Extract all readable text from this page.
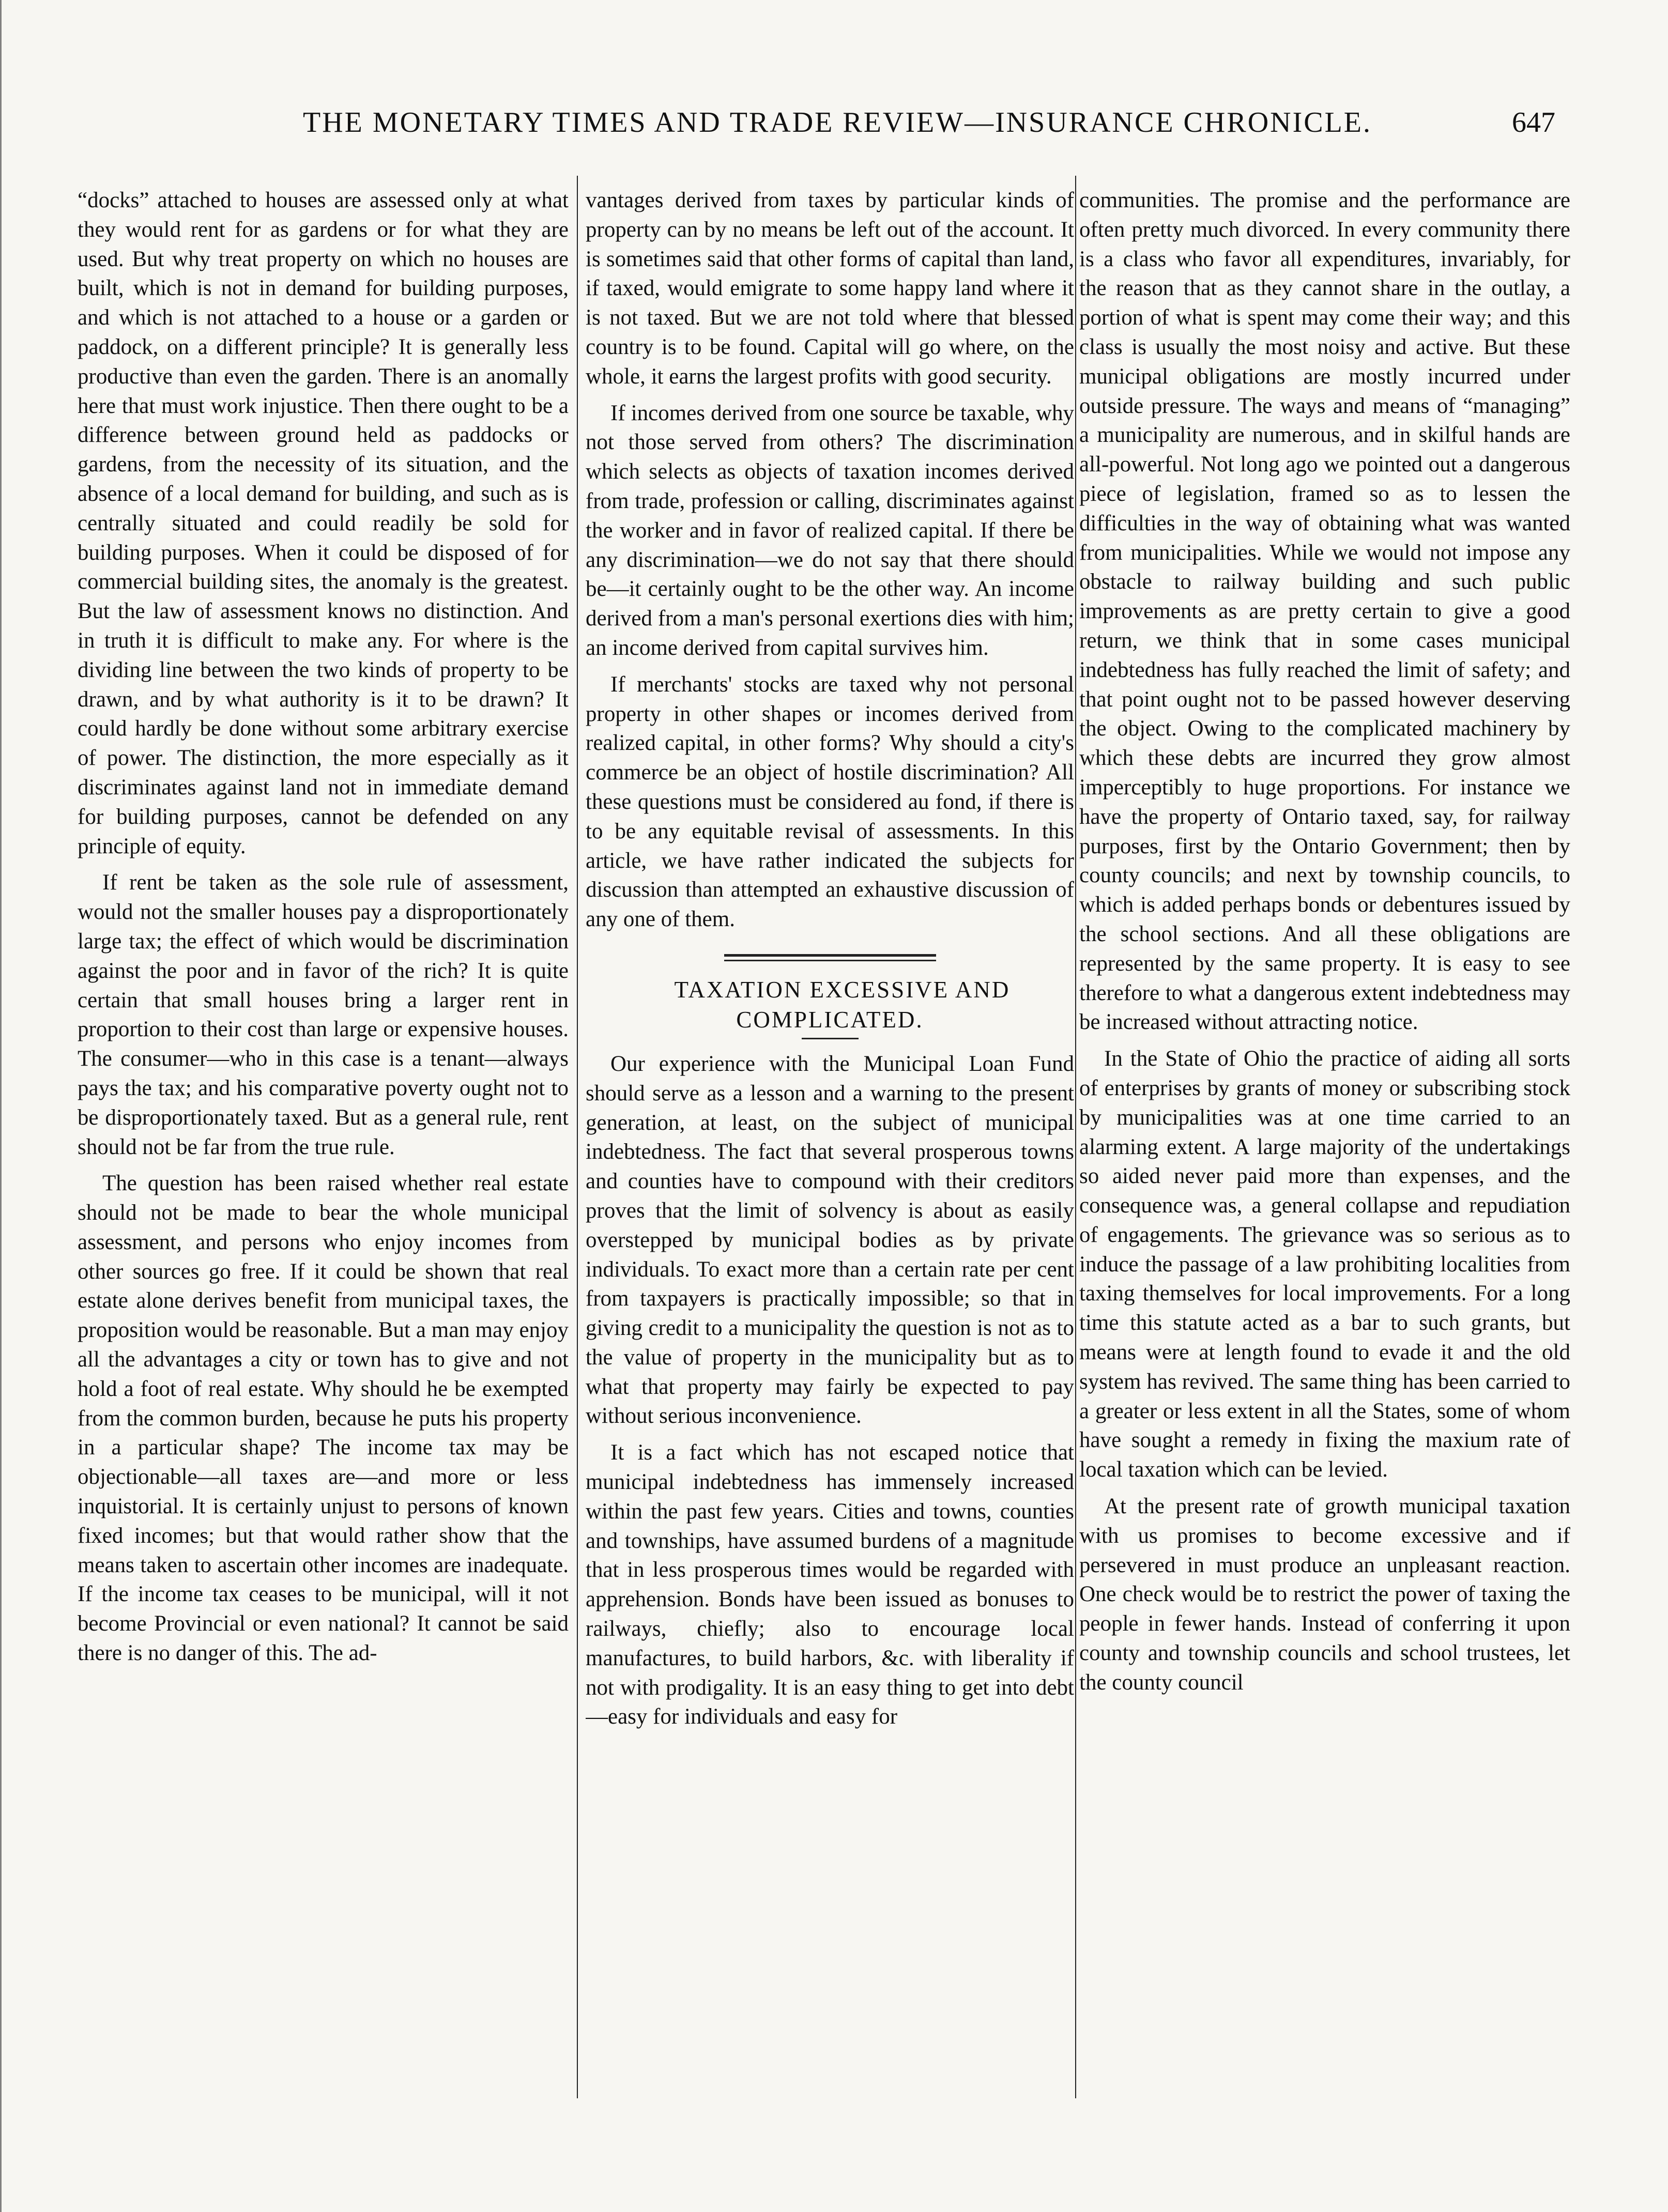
THE MONETARY TIMES AND TRADE REVIEW—INSURANCE CHRONICLE.	647

“docks” attached to houses are assessed only at what they would rent for as gardens or for what they are used. But why treat property on which no houses are built, which is not in demand for building purposes, and which is not attached to a house or a garden or paddock, on a different principle? It is generally less productive than even the garden. There is an anomally here that must work injustice. Then there ought to be a difference between ground held as paddocks or gardens, from the necessity of its situation, and the absence of a local demand for building, and such as is centrally situated and could readily be sold for building purposes. When it could be disposed of for commercial building sites, the anomaly is the greatest. But the law of assessment knows no distinction. And in truth it is difficult to make any. For where is the dividing line between the two kinds of property to be drawn, and by what authority is it to be drawn? It could hardly be done without some arbitrary exercise of power. The distinction, the more especially as it discriminates against land not in immediate demand for building purposes, cannot be defended on any principle of equity.

If rent be taken as the sole rule of assessment, would not the smaller houses pay a disproportionately large tax; the effect of which would be discrimination against the poor and in favor of the rich? It is quite certain that small houses bring a larger rent in proportion to their cost than large or expensive houses. The consumer—who in this case is a tenant—always pays the tax; and his comparative poverty ought not to be disproportionately taxed. But as a general rule, rent should not be far from the true rule.

The question has been raised whether real estate should not be made to bear the whole municipal assessment, and persons who enjoy incomes from other sources go free. If it could be shown that real estate alone derives benefit from municipal taxes, the proposition would be reasonable. But a man may enjoy all the advantages a city or town has to give and not hold a foot of real estate. Why should he be exempted from the common burden, because he puts his property in a particular shape? The income tax may be objectionable—all taxes are—and more or less inquistorial. It is certainly unjust to persons of known fixed incomes; but that would rather show that the means taken to ascertain other incomes are inadequate. If the income tax ceases to be municipal, will it not become Provincial or even national? It cannot be said there is no danger of this. The ad-

vantages derived from taxes by particular kinds of property can by no means be left out of the account. It is sometimes said that other forms of capital than land, if taxed, would emigrate to some happy land where it is not taxed. But we are not told where that blessed country is to be found. Capital will go where, on the whole, it earns the largest profits with good security.

If incomes derived from one source be taxable, why not those served from others? The discrimination which selects as objects of taxation incomes derived from trade, profession or calling, discriminates against the worker and in favor of realized capital. If there be any discrimination—we do not say that there should be—it certainly ought to be the other way. An income derived from a man's personal exertions dies with him; an income derived from capital survives him.

If merchants' stocks are taxed why not personal property in other shapes or incomes derived from realized capital, in other forms? Why should a city's commerce be an object of hostile discrimination? All these questions must be considered au fond, if there is to be any equitable revisal of assessments. In this article, we have rather indicated the subjects for discussion than attempted an exhaustive discussion of any one of them.

TAXATION EXCESSIVE AND COMPLICATED.

Our experience with the Municipal Loan Fund should serve as a lesson and a warning to the present generation, at least, on the subject of municipal indebtedness. The fact that several prosperous towns and counties have to compound with their creditors proves that the limit of solvency is about as easily overstepped by municipal bodies as by private individuals. To exact more than a certain rate per cent from taxpayers is practically impossible; so that in giving credit to a municipality the question is not as to the value of property in the municipality but as to what that property may fairly be expected to pay without serious inconvenience.

It is a fact which has not escaped notice that municipal indebtedness has immensely increased within the past few years. Cities and towns, counties and townships, have assumed burdens of a magnitude that in less prosperous times would be regarded with apprehension. Bonds have been issued as bonuses to railways, chiefly; also to encourage local manufactures, to build harbors, &c. with liberality if not with prodigality. It is an easy thing to get into debt—easy for individuals and easy for

communities. The promise and the performance are often pretty much divorced. In every community there is a class who favor all expenditures, invariably, for the reason that as they cannot share in the outlay, a portion of what is spent may come their way; and this class is usually the most noisy and active. But these municipal obligations are mostly incurred under outside pressure. The ways and means of “managing” a municipality are numerous, and in skilful hands are all-powerful. Not long ago we pointed out a dangerous piece of legislation, framed so as to lessen the difficulties in the way of obtaining what was wanted from municipalities. While we would not impose any obstacle to railway building and such public improvements as are pretty certain to give a good return, we think that in some cases municipal indebtedness has fully reached the limit of safety; and that point ought not to be passed however deserving the object. Owing to the complicated machinery by which these debts are incurred they grow almost imperceptibly to huge proportions. For instance we have the property of Ontario taxed, say, for railway purposes, first by the Ontario Government; then by county councils; and next by township councils, to which is added perhaps bonds or debentures issued by the school sections. And all these obligations are represented by the same property. It is easy to see therefore to what a dangerous extent indebtedness may be increased without attracting notice.

In the State of Ohio the practice of aiding all sorts of enterprises by grants of money or subscribing stock by municipalities was at one time carried to an alarming extent. A large majority of the undertakings so aided never paid more than expenses, and the consequence was, a general collapse and repudiation of engagements. The grievance was so serious as to induce the passage of a law prohibiting localities from taxing themselves for local improvements. For a long time this statute acted as a bar to such grants, but means were at length found to evade it and the old system has revived. The same thing has been carried to a greater or less extent in all the States, some of whom have sought a remedy in fixing the maxium rate of local taxation which can be levied.

At the present rate of growth municipal taxation with us promises to become excessive and if persevered in must produce an unpleasant reaction. One check would be to restrict the power of taxing the people in fewer hands. Instead of conferring it upon county and township councils and school trustees, let the county council
